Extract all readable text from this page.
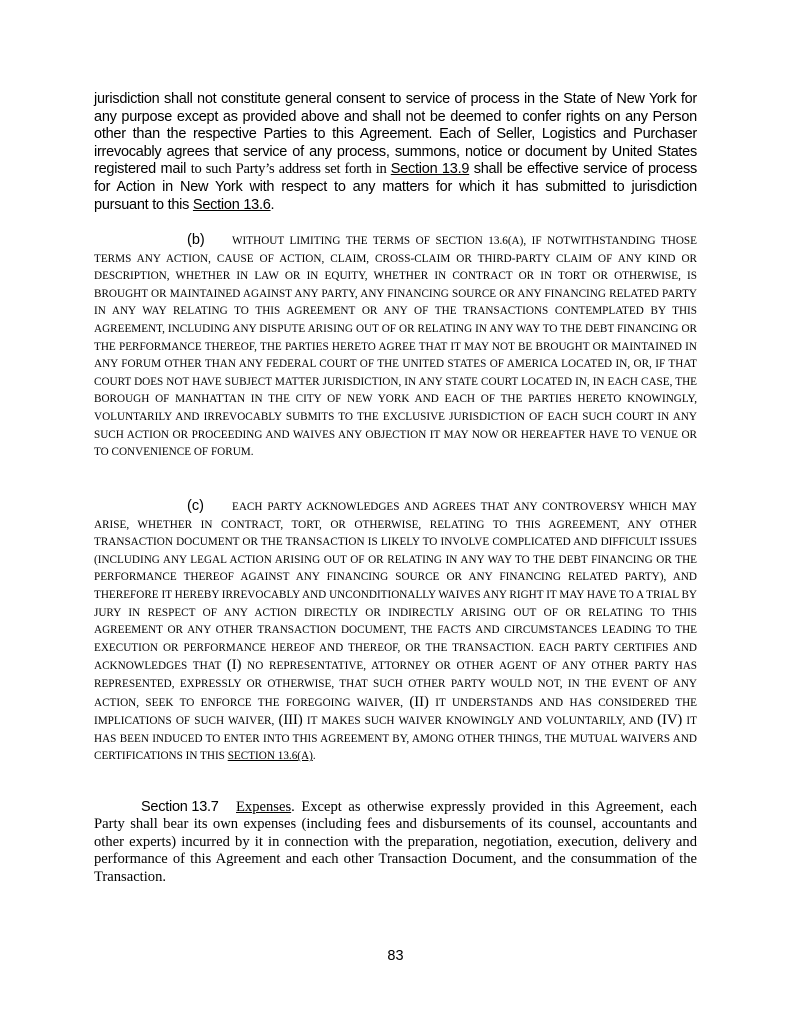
jurisdiction shall not constitute general consent to service of process in the State of New York for any purpose except as provided above and shall not be deemed to confer rights on any Person other than the respective Parties to this Agreement. Each of Seller, Logistics and Purchaser irrevocably agrees that service of any process, summons, notice or document by United States registered mail to such Party’s address set forth in Section 13.9 shall be effective service of process for Action in New York with respect to any matters for which it has submitted to jurisdiction pursuant to this Section 13.6.

(b) WITHOUT LIMITING THE TERMS OF SECTION 13.6(A), IF NOTWITHSTANDING THOSE TERMS ANY ACTION, CAUSE OF ACTION, CLAIM, CROSS-CLAIM OR THIRD-PARTY CLAIM OF ANY KIND OR DESCRIPTION, WHETHER IN LAW OR IN EQUITY, WHETHER IN CONTRACT OR IN TORT OR OTHERWISE, IS BROUGHT OR MAINTAINED AGAINST ANY PARTY, ANY FINANCING SOURCE OR ANY FINANCING RELATED PARTY IN ANY WAY RELATING TO THIS AGREEMENT OR ANY OF THE TRANSACTIONS CONTEMPLATED BY THIS AGREEMENT, INCLUDING ANY DISPUTE ARISING OUT OF OR RELATING IN ANY WAY TO THE DEBT FINANCING OR THE PERFORMANCE THEREOF, THE PARTIES HERETO AGREE THAT IT MAY NOT BE BROUGHT OR MAINTAINED IN ANY FORUM OTHER THAN ANY FEDERAL COURT OF THE UNITED STATES OF AMERICA LOCATED IN, OR, IF THAT COURT DOES NOT HAVE SUBJECT MATTER JURISDICTION, IN ANY STATE COURT LOCATED IN, IN EACH CASE, THE BOROUGH OF MANHATTAN IN THE CITY OF NEW YORK AND EACH OF THE PARTIES HERETO KNOWINGLY, VOLUNTARILY AND IRREVOCABLY SUBMITS TO THE EXCLUSIVE JURISDICTION OF EACH SUCH COURT IN ANY SUCH ACTION OR PROCEEDING AND WAIVES ANY OBJECTION IT MAY NOW OR HEREAFTER HAVE TO VENUE OR TO CONVENIENCE OF FORUM.

(c)	EACH PARTY ACKNOWLEDGES AND AGREES THAT ANY CONTROVERSY WHICH MAY ARISE, WHETHER IN CONTRACT, TORT, OR OTHERWISE, RELATING TO THIS AGREEMENT, ANY OTHER TRANSACTION DOCUMENT OR THE TRANSACTION IS LIKELY TO INVOLVE COMPLICATED AND DIFFICULT ISSUES (INCLUDING ANY LEGAL ACTION ARISING OUT OF OR RELATING IN ANY WAY TO THE DEBT FINANCING OR THE PERFORMANCE THEREOF AGAINST ANY FINANCING SOURCE OR ANY FINANCING RELATED PARTY), AND THEREFORE IT HEREBY IRREVOCABLY AND UNCONDITIONALLY WAIVES ANY RIGHT IT MAY HAVE TO A TRIAL BY JURY IN RESPECT OF ANY ACTION DIRECTLY OR INDIRECTLY ARISING OUT OF OR RELATING TO THIS AGREEMENT OR ANY OTHER TRANSACTION DOCUMENT, THE FACTS AND CIRCUMSTANCES LEADING TO THE EXECUTION OR PERFORMANCE HEREOF AND THEREOF, OR THE TRANSACTION. EACH PARTY CERTIFIES AND ACKNOWLEDGES THAT (I) NO REPRESENTATIVE, ATTORNEY OR OTHER AGENT OF ANY OTHER PARTY HAS REPRESENTED, EXPRESSLY OR OTHERWISE, THAT SUCH OTHER PARTY WOULD NOT, IN THE EVENT OF ANY ACTION, SEEK TO ENFORCE THE FOREGOING WAIVER, (II) IT UNDERSTANDS AND HAS CONSIDERED THE IMPLICATIONS OF SUCH WAIVER, (III) IT MAKES SUCH WAIVER KNOWINGLY AND VOLUNTARILY, AND (IV) IT HAS BEEN INDUCED TO ENTER INTO THIS AGREEMENT BY, AMONG OTHER THINGS, THE MUTUAL WAIVERS AND CERTIFICATIONS IN THIS SECTION 13.6(A).

Section 13.7 Expenses. Except as otherwise expressly provided in this Agreement, each Party shall bear its own expenses (including fees and disbursements of its counsel, accountants and other experts) incurred by it in connection with the preparation, negotiation, execution, delivery and performance of this Agreement and each other Transaction Document, and the consummation of the Transaction.

83
